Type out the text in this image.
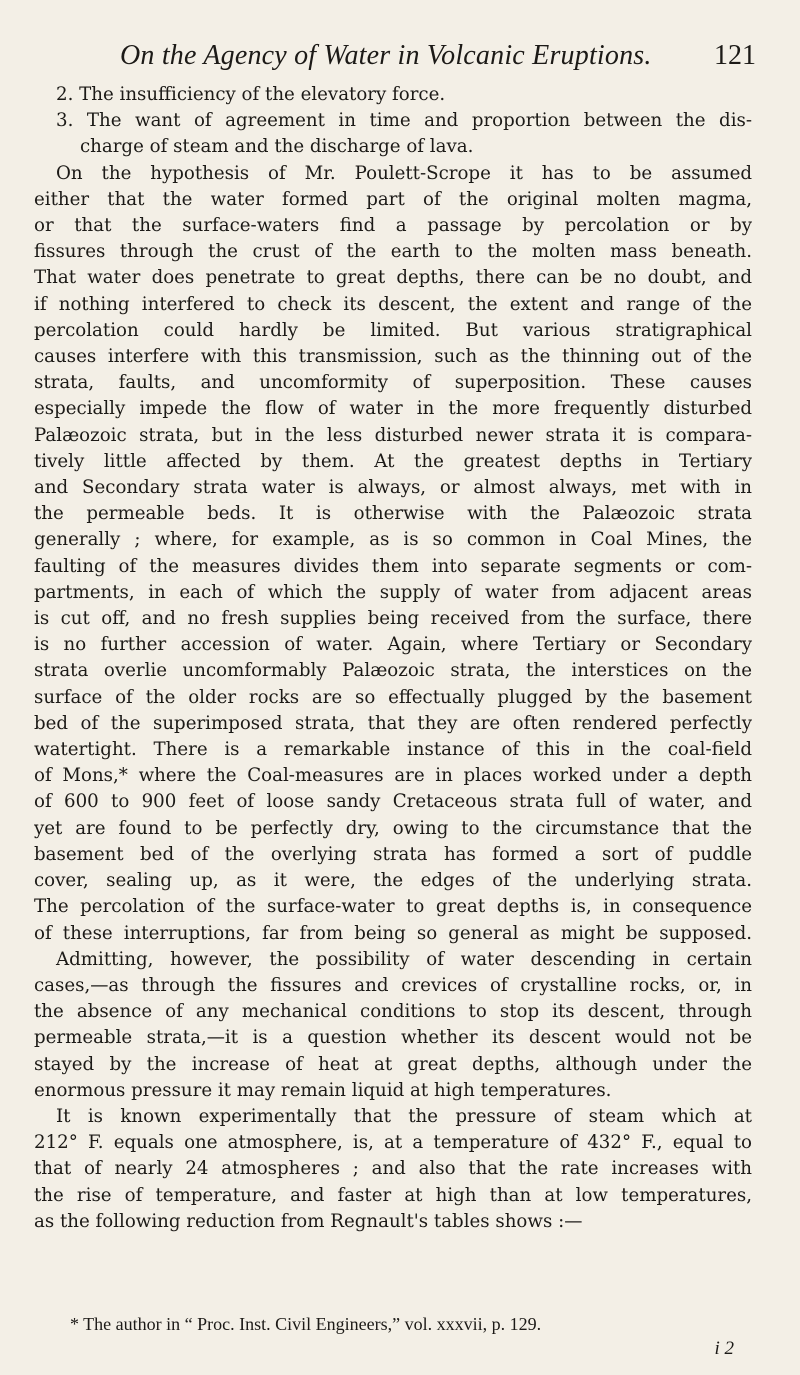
On the Agency of Water in Volcanic Eruptions. 121
2. The insufficiency of the elevatory force.
3. The want of agreement in time and proportion between the dis-
charge of steam and the discharge of lava.
On the hypothesis of Mr. Poulett-Scrope it has to be assumed
either that the water formed part of the original molten magma,
or that the surface-waters find a passage by percolation or by
fissures through the crust of the earth to the molten mass beneath.
That water does penetrate to great depths, there can be no doubt, and
if nothing interfered to check its descent, the extent and range of the
percolation could hardly be limited. But various stratigraphical
causes interfere with this transmission, such as the thinning out of the
strata, faults, and uncomformity of superposition. These causes
especially impede the flow of water in the more frequently disturbed
Palæozoic strata, but in the less disturbed newer strata it is compara-
tively little affected by them. At the greatest depths in Tertiary
and Secondary strata water is always, or almost always, met with in
the permeable beds. It is otherwise with the Palæozoic strata
generally ; where, for example, as is so common in Coal Mines, the
faulting of the measures divides them into separate segments or com-
partments, in each of which the supply of water from adjacent areas
is cut off, and no fresh supplies being received from the surface, there
is no further accession of water. Again, where Tertiary or Secondary
strata overlie uncomformably Palæozoic strata, the interstices on the
surface of the older rocks are so effectually plugged by the basement
bed of the superimposed strata, that they are often rendered perfectly
watertight. There is a remarkable instance of this in the coal-field
of Mons,* where the Coal-measures are in places worked under a depth
of 600 to 900 feet of loose sandy Cretaceous strata full of water, and
yet are found to be perfectly dry, owing to the circumstance that the
basement bed of the overlying strata has formed a sort of puddle
cover, sealing up, as it were, the edges of the underlying strata.
The percolation of the surface-water to great depths is, in consequence
of these interruptions, far from being so general as might be supposed.
Admitting, however, the possibility of water descending in certain
cases,—as through the fissures and crevices of crystalline rocks, or, in
the absence of any mechanical conditions to stop its descent, through
permeable strata,—it is a question whether its descent would not be
stayed by the increase of heat at great depths, although under the
enormous pressure it may remain liquid at high temperatures.
It is known experimentally that the pressure of steam which at
212° F. equals one atmosphere, is, at a temperature of 432° F., equal to
that of nearly 24 atmospheres ; and also that the rate increases with
the rise of temperature, and faster at high than at low temperatures,
as the following reduction from Regnault's tables shows :—
* The author in “ Proc. Inst. Civil Engineers,” vol. xxxvii, p. 129.
i 2
